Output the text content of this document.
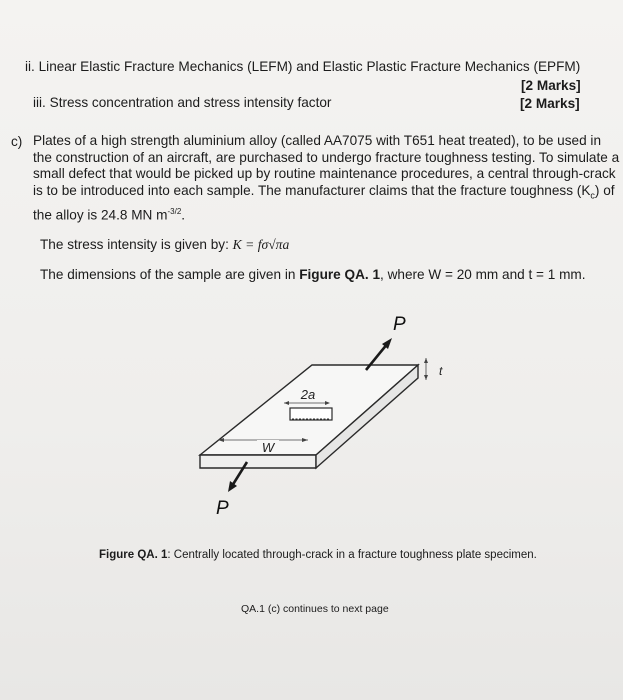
ii. Linear Elastic Fracture Mechanics (LEFM) and Elastic Plastic Fracture Mechanics (EPFM)
[2 Marks]
iii. Stress concentration and stress intensity factor	[2 Marks]
c) Plates of a high strength aluminium alloy (called AA7075 with T651 heat treated), to be used in
the construction of an aircraft, are purchased to undergo fracture toughness testing. To simulate a
small defect that would be picked up by routine maintenance procedures, a central through-crack
is to be introduced into each sample. The manufacturer claims that the fracture toughness $(K_c)$ of
the alloy is 24.8 MN $m^{-3/2}$.
The stress intensity is given by: K = fσ√πa
The dimensions of the sample are given in Figure QA. 1, where W = 20 mm and t = 1 mm.
2a
W
t
P
P
Figure QA. 1: Centrally located through-crack in a fracture toughness plate specimen.
QA.1 (c) continues to next page
